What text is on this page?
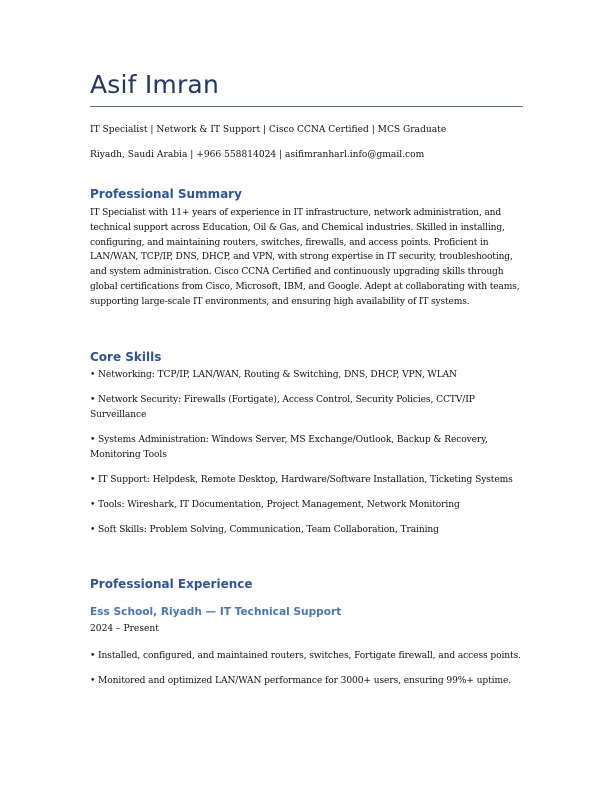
Asif Imran
IT Specialist | Network & IT Support | Cisco CCNA Certified | MCS Graduate
Riyadh, Saudi Arabia | +966 558814024 | asifimranharl.info@gmail.com
Professional Summary

IT Specialist with 11+ years of experience in IT infrastructure, network administration, and technical support across Education, Oil & Gas, and Chemical industries. Skilled in installing, configuring, and maintaining routers, switches, firewalls, and access points. Proficient in LAN/WAN, TCP/IP, DNS, DHCP, and VPN, with strong expertise in IT security, troubleshooting, and system administration. Cisco CCNA Certified and continuously upgrading skills through global certifications from Cisco, Microsoft, IBM, and Google. Adept at collaborating with teams, supporting large-scale IT environments, and ensuring high availability of IT systems.

Core Skills

• Networking: TCP/IP, LAN/WAN, Routing & Switching, DNS, DHCP, VPN, WLAN

• Network Security: Firewalls (Fortigate), Access Control, Security Policies, CCTV/IP Surveillance

• Systems Administration: Windows Server, MS Exchange/Outlook, Backup & Recovery, Monitoring Tools

• IT Support: Helpdesk, Remote Desktop, Hardware/Software Installation, Ticketing Systems

• Tools: Wireshark, IT Documentation, Project Management, Network Monitoring

• Soft Skills: Problem Solving, Communication, Team Collaboration, Training

Professional Experience
Ess School, Riyadh — IT Technical Support
2024 – Present

• Installed, configured, and maintained routers, switches, Fortigate firewall, and access points.

• Monitored and optimized LAN/WAN performance for 3000+ users, ensuring 99%+ uptime.
